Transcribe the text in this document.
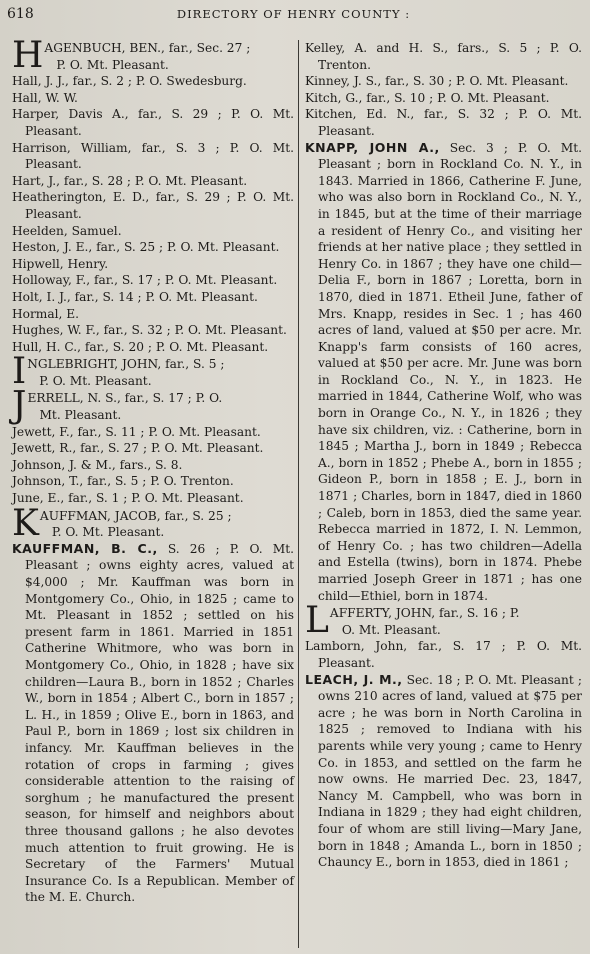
618	DIRECTORY OF HENRY COUNTY :
H AGENBUCH, BEN., far., Sec. 27 ;
P. O. Mt. Pleasant.
Hall, J. J., far., S. 2 ; P. O. Swedesburg.
Hall, W. W.
Harper, Davis A., far., S. 29 ; P. O. Mt. Pleasant.
Harrison, William, far., S. 3 ; P. O. Mt. Pleasant.
Hart, J., far., S. 28 ; P. O. Mt. Pleasant.
Heatherington, E. D., far., S. 29 ; P. O. Mt. Pleasant.
Heelden, Samuel.
Heston, J. E., far., S. 25 ; P. O. Mt. Pleasant.
Hipwell, Henry.
Holloway, F., far., S. 17 ; P. O. Mt. Pleasant.
Holt, I. J., far., S. 14 ; P. O. Mt. Pleasant.
Hormal, E.
Hughes, W. F., far., S. 32 ; P. O. Mt. Pleasant.
Hull, H. C., far., S. 20 ; P. O. Mt. Pleasant.
I NGLEBRIGHT, JOHN, far., S. 5 ;
P. O. Mt. Pleasant.
J ERRELL, N. S., far., S. 17 ; P. O.
Mt. Pleasant.
Jewett, F., far., S. 11 ; P. O. Mt. Pleasant.
Jewett, R., far., S. 27 ; P. O. Mt. Pleasant.
Johnson, J. & M., fars., S. 8.
Johnson, T., far., S. 5 ; P. O. Trenton.
June, E., far., S. 1 ; P. O. Mt. Pleasant.
K AUFFMAN, JACOB, far., S. 25 ;
P. O. Mt. Pleasant.
KAUFFMAN, B. C., S. 26 ; P. O. Mt. Pleasant ; owns eighty acres, valued at $4,000 ; Mr. Kauffman was born in Montgomery Co., Ohio, in 1825 ; came to Mt. Pleasant in 1852 ; settled on his present farm in 1861. Married in 1851 Catherine Whitmore, who was born in Montgomery Co., Ohio, in 1828 ; have six children—Laura B., born in 1852 ; Charles W., born in 1854 ; Albert C., born in 1857 ; L. H., in 1859 ; Olive E., born in 1863, and Paul P., born in 1869 ; lost six children in infancy. Mr. Kauffman believes in the rotation of crops in farming ; gives considerable attention to the raising of sorghum ; he manufactured the present season, for himself and neighbors about three thousand gallons ; he also devotes much attention to fruit growing. He is Secretary of the Farmers' Mutual Insurance Co. Is a Republican. Member of the M. E. Church.
Kelley, A. and H. S., fars., S. 5 ; P. O. Trenton.
Kinney, J. S., far., S. 30 ; P. O. Mt. Pleasant.
Kitch, G., far., S. 10 ; P. O. Mt. Pleasant.
Kitchen, Ed. N., far., S. 32 ; P. O. Mt. Pleasant.
KNAPP, JOHN A., Sec. 3 ; P. O. Mt. Pleasant ; born in Rockland Co. N. Y., in 1843. Married in 1866, Catherine F. June, who was also born in Rockland Co., N. Y., in 1845, but at the time of their marriage a resident of Henry Co., and visiting her friends at her native place ; they settled in Henry Co. in 1867 ; they have one child—Delia F., born in 1867 ; Loretta, born in 1870, died in 1871. Etheil June, father of Mrs. Knapp, resides in Sec. 1 ; has 460 acres of land, valued at $50 per acre. Mr. Knapp's farm consists of 160 acres, valued at $50 per acre. Mr. June was born in Rockland Co., N. Y., in 1823. He married in 1844, Catherine Wolf, who was born in Orange Co., N. Y., in 1826 ; they have six children, viz. : Catherine, born in 1845 ; Martha J., born in 1849 ; Rebecca A., born in 1852 ; Phebe A., born in 1855 ; Gideon P., born in 1858 ; E. J., born in 1871 ; Charles, born in 1847, died in 1860 ; Caleb, born in 1853, died the same year. Rebecca married in 1872, I. N. Lemmon, of Henry Co. ; has two children—Adella and Estella (twins), born in 1874. Phebe married Joseph Greer in 1871 ; has one child—Ethiel, born in 1874.
L AFFERTY, JOHN, far., S. 16 ; P.
O. Mt. Pleasant.
Lamborn, John, far., S. 17 ; P. O. Mt. Pleasant.
LEACH, J. M., Sec. 18 ; P. O. Mt. Pleasant ; owns 210 acres of land, valued at $75 per acre ; he was born in North Carolina in 1825 ; removed to Indiana with his parents while very young ; came to Henry Co. in 1853, and settled on the farm he now owns. He married Dec. 23, 1847, Nancy M. Campbell, who was born in Indiana in 1829 ; they had eight children, four of whom are still living—Mary Jane, born in 1848 ; Amanda L., born in 1850 ; Chauncy E., born in 1853, died in 1861 ;
